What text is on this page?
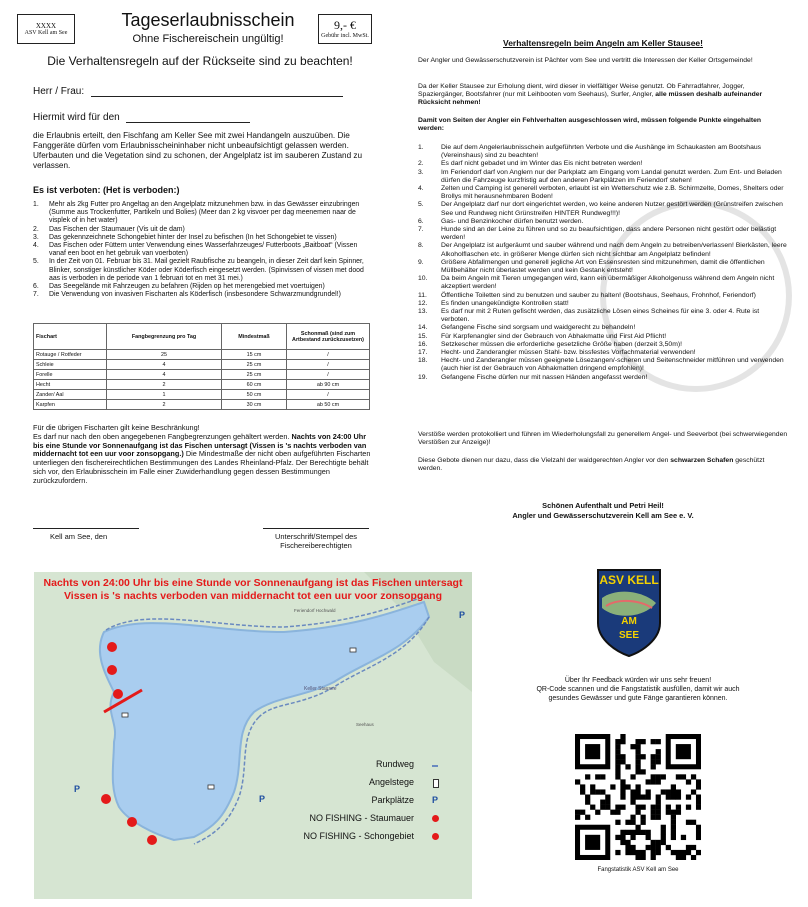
XXXX
ASV Kell am See
Tageserlaubnisschein
Ohne Fischereischein ungültig!
9,- €
Gebühr incl. MwSt.
Die Verhaltensregeln auf der Rückseite sind zu beachten!
Herr / Frau:
Hiermit wird für den
die Erlaubnis erteilt, den Fischfang am Keller See mit zwei Handangeln auszuüben. Die Fanggeräte dürfen vom Erlaubnisscheininhaber nicht unbeaufsichtigt gelassen werden. Uferbauten und die Vegetation sind zu schonen, der Angelplatz ist im sauberen Zustand zu verlassen.
Es ist verboten: (Het is verboden:)
1. Mehr als 2kg Futter pro Angeltag an den Angelplatz mitzunehmen bzw. in das Gewässer einzubringen (Summe aus Trockenfutter, Partikeln und Bolies) (Meer dan 2 kg visvoer per dag meenemen naar de visplek of in het water)
2. Das Fischen der Staumauer (Vis uit de dam)
3. Das gekennzeichnete Schongebiet hinter der Insel zu befischen (In het Schongebiet te vissen)
4. Das Fischen oder Füttern unter Verwendung eines Wasserfahrzeuges/ Futterboots „Baitboat“ (Vissen vanaf een boot en het gebruik van voerboten)
5. In der Zeit von 01. Februar bis 31. Mail gezielt Raubfische zu beangeln, in dieser Zeit darf kein Spinner, Blinker, sonstiger künstlicher Köder oder Köderfisch eingesetzt werden. (Spinvissen of vissen met dood aas is verboden in de periode van 1 februari tot en met 31 mei.)
6. Das Seegelände mit Fahrzeugen zu befahren (Rijden op het merengebied met voertuigen)
7. Die Verwendung von invasiven Fischarten als Köderfisch (insbesondere Schwarzmundgrundel!)
Fischart	Fangbegrenzung pro Tag	Mindestmaß	Schonmaß (sind zum Artbestand zurückzusetzen)
Rotauge / Rotfeder	25	15 cm	/
Schleie	4	25 cm	/
Forelle	4	25 cm	/
Hecht	2	60 cm	ab 90 cm
Zander/ Aal	1	50 cm	/
Karpfen	2	30 cm	ab 50 cm
Für die übrigen Fischarten gilt keine Beschränkung!
Es darf nur nach den oben angegebenen Fangbegrenzungen gehältert werden. Nachts von 24:00 Uhr bis eine Stunde vor Sonnenaufgang ist das Fischen untersagt (Vissen is 's nachts verboden van middernacht tot een uur voor zonsopgang.) Die Mindestmaße der nicht oben aufgeführten Fischarten unterliegen den fischereirechtlichen Bestimmungen des Landes Rheinland-Pfalz. Der Berechtigte behält sich vor, den Erlaubnisschein im Falle einer Zuwiderhandlung gegen dessen Bestimmungen zurückzufordern.
Kell am See, den	Unterschrift/Stempel des
Fischereiberechtigten
Verhaltensregeln beim Angeln am Keller Stausee!
Der Angler und Gewässerschutzverein ist Pächter vom See und vertritt die Interessen der Keller Ortsgemeinde!
Da der Keller Stausee zur Erholung dient, wird dieser in vielfältiger Weise genutzt. Ob Fahrradfahrer, Jogger, Spaziergänger, Bootsfahrer (nur mit Leihbooten vom Seehaus), Surfer, Angler, alle müssen deshalb aufeinander Rücksicht nehmen!
Damit von Seiten der Angler ein Fehlverhalten ausgeschlossen wird, müssen folgende Punkte eingehalten werden:
1.	Die auf dem Angelerlaubnisschein aufgeführten Verbote und die Aushänge im Schaukasten am Bootshaus (Vereinshaus) sind zu beachten!
2.	Es darf nicht gebadet und im Winter das Eis nicht betreten werden!
3.	Im Feriendorf darf von Anglern nur der Parkplatz am Eingang vom Landal genutzt werden. Zum Ent- und Beladen dürfen die Fahrzeuge kurzfristig auf den anderen Parkplätzen im Feriendorf stehen!
4.	Zelten und Camping ist generell verboten, erlaubt ist ein Wetterschutz wie z.B. Schirmzelte, Domes, Shelters oder Brollys mit herausnehmbaren Boden!
5.	Der Angelplatz darf nur dort eingerichtet werden, wo keine anderen Nutzer gestört werden (Grünstreifen zwischen See und Rundweg nicht Grünstreifen HINTER Rundweg!!!)!
6.	Gas- und Benzinkocher dürfen benutzt werden.
7.	Hunde sind an der Leine zu führen und so zu beaufsichtigen, dass andere Personen nicht gestört oder belästigt werden!
8.	Der Angelplatz ist aufgeräumt und sauber während und nach dem Angeln zu betreiben/verlassen! Bierkästen, leere Alkoholflaschen etc. in größerer Menge dürfen sich nicht sichtbar am Angelplatz befinden!
9.	Größere Abfallmengen und generell jegliche Art von Essensresten sind mitzunehmen, damit die öffentlichen Müllbehälter nicht überlastet werden und kein Gestank entsteht!
10. Da beim Angeln mit Tieren umgegangen wird, kann ein übermäßiger Alkoholgenuss während dem Angeln nicht akzeptiert werden!
11. Öffentliche Toiletten sind zu benutzen und sauber zu halten! (Bootshaus, Seehaus, Frohnhof, Feriendorf)
12. Es finden unangekündigte Kontrollen statt!
13. Es darf nur mit 2 Ruten gefischt werden, das zusätzliche Lösen eines Scheines für eine 3. oder 4. Rute ist verboten.
14. Gefangene Fische sind sorgsam und waidgerecht zu behandeln!
15. Für Karpfenangler sind der Gebrauch von Abhakmatte und First Aid Pflicht!
16. Setzkescher müssen die erforderliche gesetzliche Größe haben (derzeit 3,50m)!
17. Hecht- und Zanderangler müssen Stahl- bzw. bissfestes Vorfachmaterial verwenden!
18. Hecht- und Zanderangler müssen geeignete Lösezangen/-scheren und Seitenschneider mitführen und verwenden (auch hier ist der Gebrauch von Abhakmatten dringend empfohlen)!
19. Gefangene Fische dürfen nur mit nassen Händen angefasst werden!
Verstöße werden protokolliert und führen im Wiederholungsfall zu generellem Angel- und Seeverbot (bei schwerwiegenden Verstößen zur Anzeige)!
Diese Gebote dienen nur dazu, dass die Vielzahl der waidgerechten Angler vor den schwarzen Schafen geschützt werden.
Schönen Aufenthalt und Petri Heil!
Angler und Gewässerschutzverein Kell am See e. V.
Nachts von 24:00 Uhr bis eine Stunde vor Sonnenaufgang ist das Fischen untersagt
Vissen is 's nachts verboden van middernacht tot een uur voor zonsopgang
P
P
P
Keller Stausee
Feriendorf Hochwald
Seehaus
Rundweg
Angelstege
Parkplätze
NO FISHING - Staumauer
NO FISHING - Schongebiet
P
ASV KELL
AM
SEE
Über Ihr Feedback würden wir uns sehr freuen!
QR-Code scannen und die Fangstatistik ausfüllen, damit wir auch
gesundes Gewässer und gute Fänge garantieren können.
Fangstatistik ASV Kell am See
